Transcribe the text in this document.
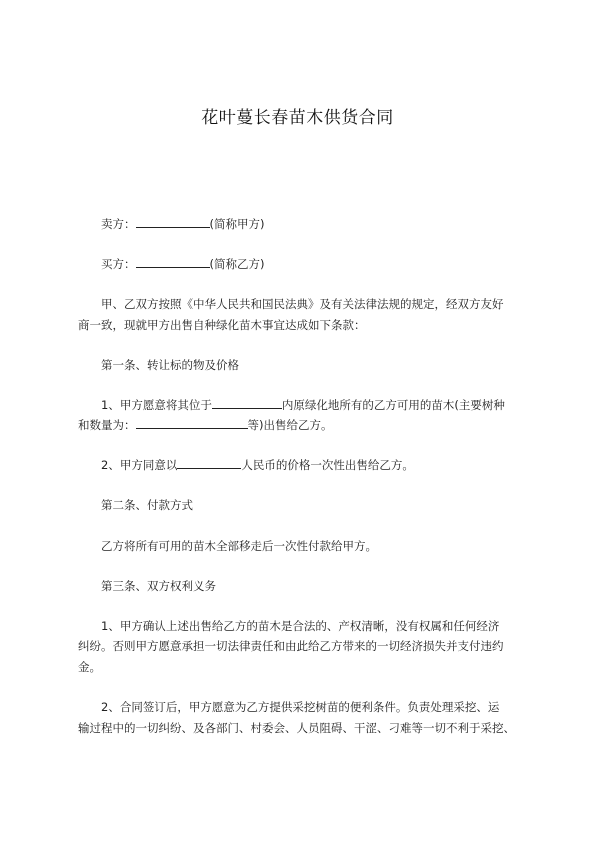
花叶蔓长春苗木供货合同
卖方：	(简称甲方)
买方：	(简称乙方)
甲、乙双方按照《中华人民共和国民法典》及有关法律法规的规定，经双方友好
商一致，现就甲方出售自种绿化苗木事宜达成如下条款：
第一条、转让标的物及价格
1、甲方愿意将其位于	内原绿化地所有的乙方可用的苗木(主要树种
和数量为：	等)出售给乙方。
2、甲方同意以	人民币的价格一次性出售给乙方。
第二条、付款方式
乙方将所有可用的苗木全部移走后一次性付款给甲方。
第三条、双方权利义务
1、甲方确认上述出售给乙方的苗木是合法的、产权清晰，没有权属和任何经济
纠纷。否则甲方愿意承担一切法律责任和由此给乙方带来的一切经济损失并支付违约
金。
2、合同签订后，甲方愿意为乙方提供采挖树苗的便利条件。负责处理采挖、运
输过程中的一切纠纷、及各部门、村委会、人员阻碍、干涩、刁难等一切不利于采挖、
